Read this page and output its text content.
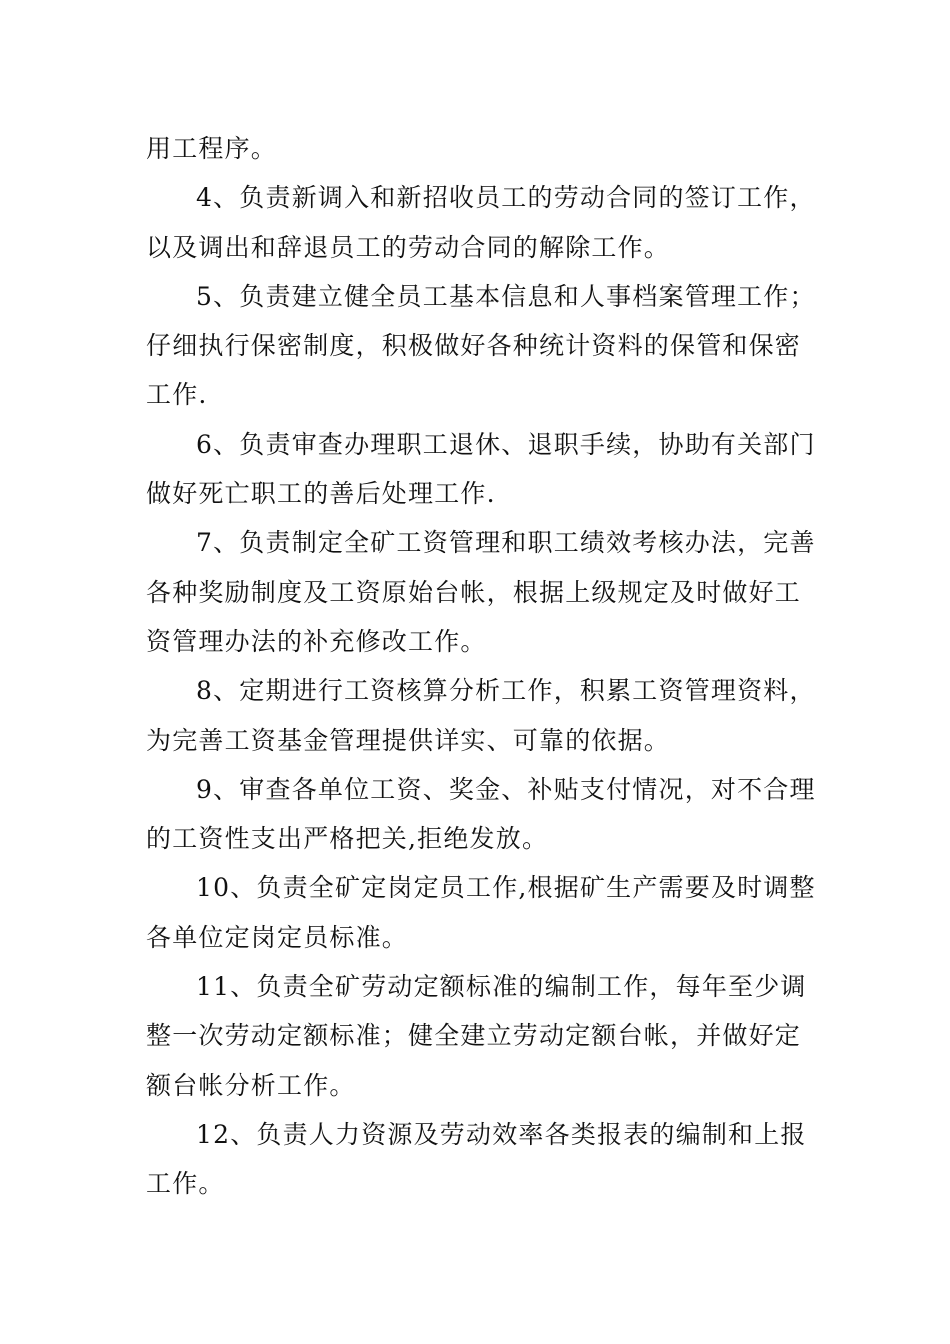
用工程序。
4、负责新调入和新招收员工的劳动合同的签订工作，
以及调出和辞退员工的劳动合同的解除工作。
5、负责建立健全员工基本信息和人事档案管理工作；
仔细执行保密制度，积极做好各种统计资料的保管和保密
工作.
6、负责审查办理职工退休、退职手续，协助有关部门
做好死亡职工的善后处理工作.
7、负责制定全矿工资管理和职工绩效考核办法，完善
各种奖励制度及工资原始台帐，根据上级规定及时做好工
资管理办法的补充修改工作。
8、定期进行工资核算分析工作，积累工资管理资料，
为完善工资基金管理提供详实、可靠的依据。
9、审查各单位工资、奖金、补贴支付情况，对不合理
的工资性支出严格把关,拒绝发放。
10、负责全矿定岗定员工作,根据矿生产需要及时调整
各单位定岗定员标准。
11、负责全矿劳动定额标准的编制工作，每年至少调
整一次劳动定额标准；健全建立劳动定额台帐，并做好定
额台帐分析工作。
12、负责人力资源及劳动效率各类报表的编制和上报
工作。
